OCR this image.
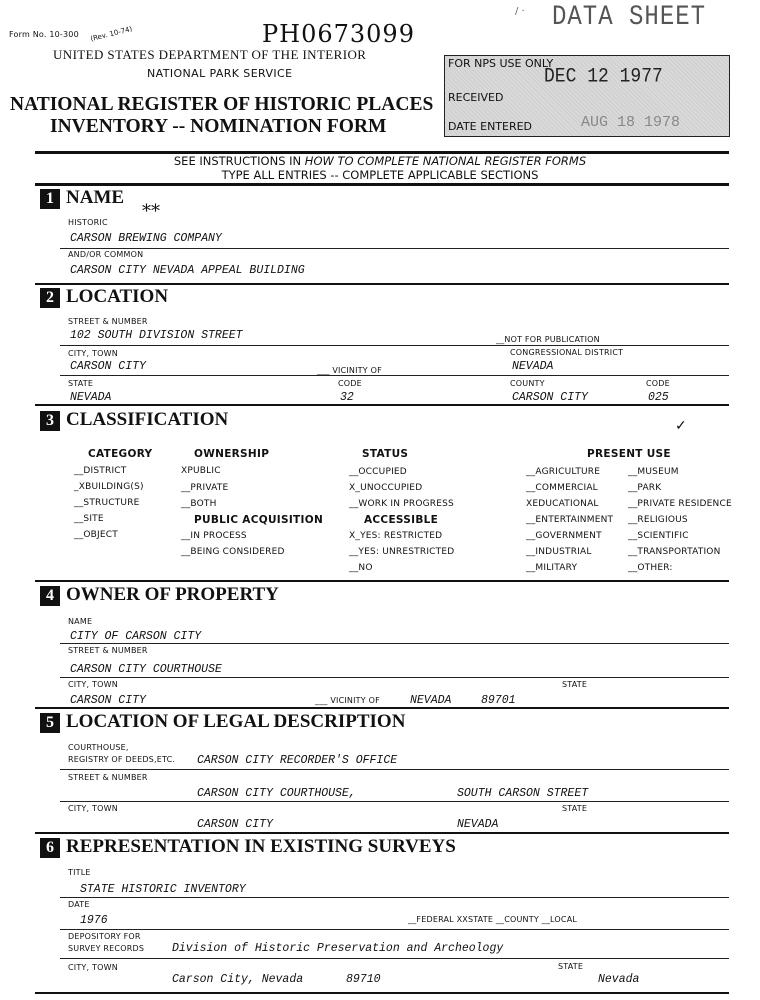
Form No. 10-300 (Rev. 10-74)	PH0673099
/ · DATA SHEET
UNITED STATES DEPARTMENT OF THE INTERIOR
NATIONAL PARK SERVICE
NATIONAL REGISTER OF HISTORIC PLACES
INVENTORY -- NOMINATION FORM
FOR NPS USE ONLY
DEC 12 1977
RECEIVED
DATE ENTERED	AUG 18 1978
SEE INSTRUCTIONS IN HOW TO COMPLETE NATIONAL REGISTER FORMS
TYPE ALL ENTRIES -- COMPLETE APPLICABLE SECTIONS
1 NAME
HISTORIC
**
CARSON BREWING COMPANY
AND/OR COMMON
CARSON CITY NEVADA APPEAL BUILDING
2 LOCATION
STREET & NUMBER
102 SOUTH DIVISION STREET	__NOT FOR PUBLICATION
CITY, TOWN	CONGRESSIONAL DISTRICT
CARSON CITY	___ VICINITY OF	NEVADA
STATE	CODE	COUNTY	CODE
NEVADA	32	CARSON CITY	025
3 CLASSIFICATION	✓
CATEGORY	OWNERSHIP	STATUS	PRESENT USE
__DISTRICT
_XBUILDING(S)
__STRUCTURE
__SITE
__OBJECT
XPUBLIC
__PRIVATE
__BOTH
PUBLIC ACQUISITION
__IN PROCESS
__BEING CONSIDERED
__OCCUPIED
X_UNOCCUPIED
__WORK IN PROGRESS
ACCESSIBLE
X_YES: RESTRICTED
__YES: UNRESTRICTED
__NO
__AGRICULTURE
__COMMERCIAL
XEDUCATIONAL
__ENTERTAINMENT
__GOVERNMENT
__INDUSTRIAL
__MILITARY
__MUSEUM
__PARK
__PRIVATE RESIDENCE
__RELIGIOUS
__SCIENTIFIC
__TRANSPORTATION
__OTHER:
4 OWNER OF PROPERTY
NAME
CITY OF CARSON CITY
STREET & NUMBER
CARSON CITY COURTHOUSE
CITY, TOWN	STATE
CARSON CITY	___ VICINITY OF	NEVADA	89701
5 LOCATION OF LEGAL DESCRIPTION
COURTHOUSE,
REGISTRY OF DEEDS,ETC. CARSON CITY RECORDER'S OFFICE
STREET & NUMBER
CARSON CITY COURTHOUSE,	SOUTH CARSON STREET
CITY, TOWN	STATE
CARSON CITY	NEVADA
6 REPRESENTATION IN EXISTING SURVEYS
TITLE
STATE HISTORIC INVENTORY
DATE
1976	__FEDERAL XXSTATE __COUNTY __LOCAL
DEPOSITORY FOR
SURVEY RECORDS Division of Historic Preservation and Archeology
CITY, TOWN	STATE
Carson City, Nevada	89710	Nevada
